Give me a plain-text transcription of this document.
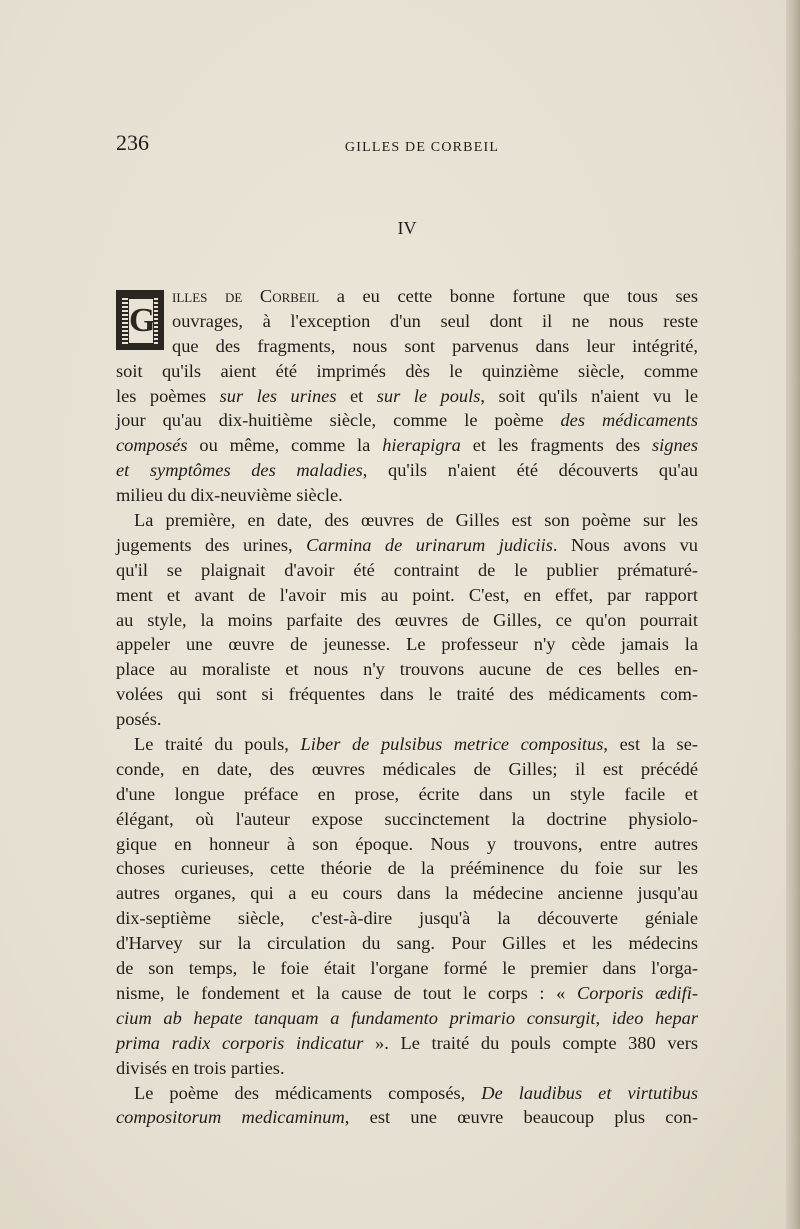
236	GILLES DE CORBEIL
IV
G
illes de Corbeil a eu cette bonne fortune que tous ses
ouvrages, à l'exception d'un seul dont il ne nous reste
que des fragments, nous sont parvenus dans leur intégrité,
soit qu'ils aient été imprimés dès le quinzième siècle, comme
les poèmes sur les urines et sur le pouls, soit qu'ils n'aient vu le
jour qu'au dix-huitième siècle, comme le poème des médicaments
composés ou même, comme la hierapigra et les fragments des signes
et symptômes des maladies, qu'ils n'aient été découverts qu'au
milieu du dix-neuvième siècle.
La première, en date, des œuvres de Gilles est son poème sur les
jugements des urines, Carmina de urinarum judiciis. Nous avons vu
qu'il se plaignait d'avoir été contraint de le publier prématuré-
ment et avant de l'avoir mis au point. C'est, en effet, par rapport
au style, la moins parfaite des œuvres de Gilles, ce qu'on pourrait
appeler une œuvre de jeunesse. Le professeur n'y cède jamais la
place au moraliste et nous n'y trouvons aucune de ces belles en-
volées qui sont si fréquentes dans le traité des médicaments com-
posés.
Le traité du pouls, Liber de pulsibus metrice compositus, est la se-
conde, en date, des œuvres médicales de Gilles; il est précédé
d'une longue préface en prose, écrite dans un style facile et
élégant, où l'auteur expose succinctement la doctrine physiolo-
gique en honneur à son époque. Nous y trouvons, entre autres
choses curieuses, cette théorie de la prééminence du foie sur les
autres organes, qui a eu cours dans la médecine ancienne jusqu'au
dix-septième siècle, c'est-à-dire jusqu'à la découverte géniale
d'Harvey sur la circulation du sang. Pour Gilles et les médecins
de son temps, le foie était l'organe formé le premier dans l'orga-
nisme, le fondement et la cause de tout le corps : « Corporis ædifi-
cium ab hepate tanquam a fundamento primario consurgit, ideo hepar
prima radix corporis indicatur ». Le traité du pouls compte 380 vers
divisés en trois parties.
Le poème des médicaments composés, De laudibus et virtutibus
compositorum medicaminum, est une œuvre beaucoup plus con-
